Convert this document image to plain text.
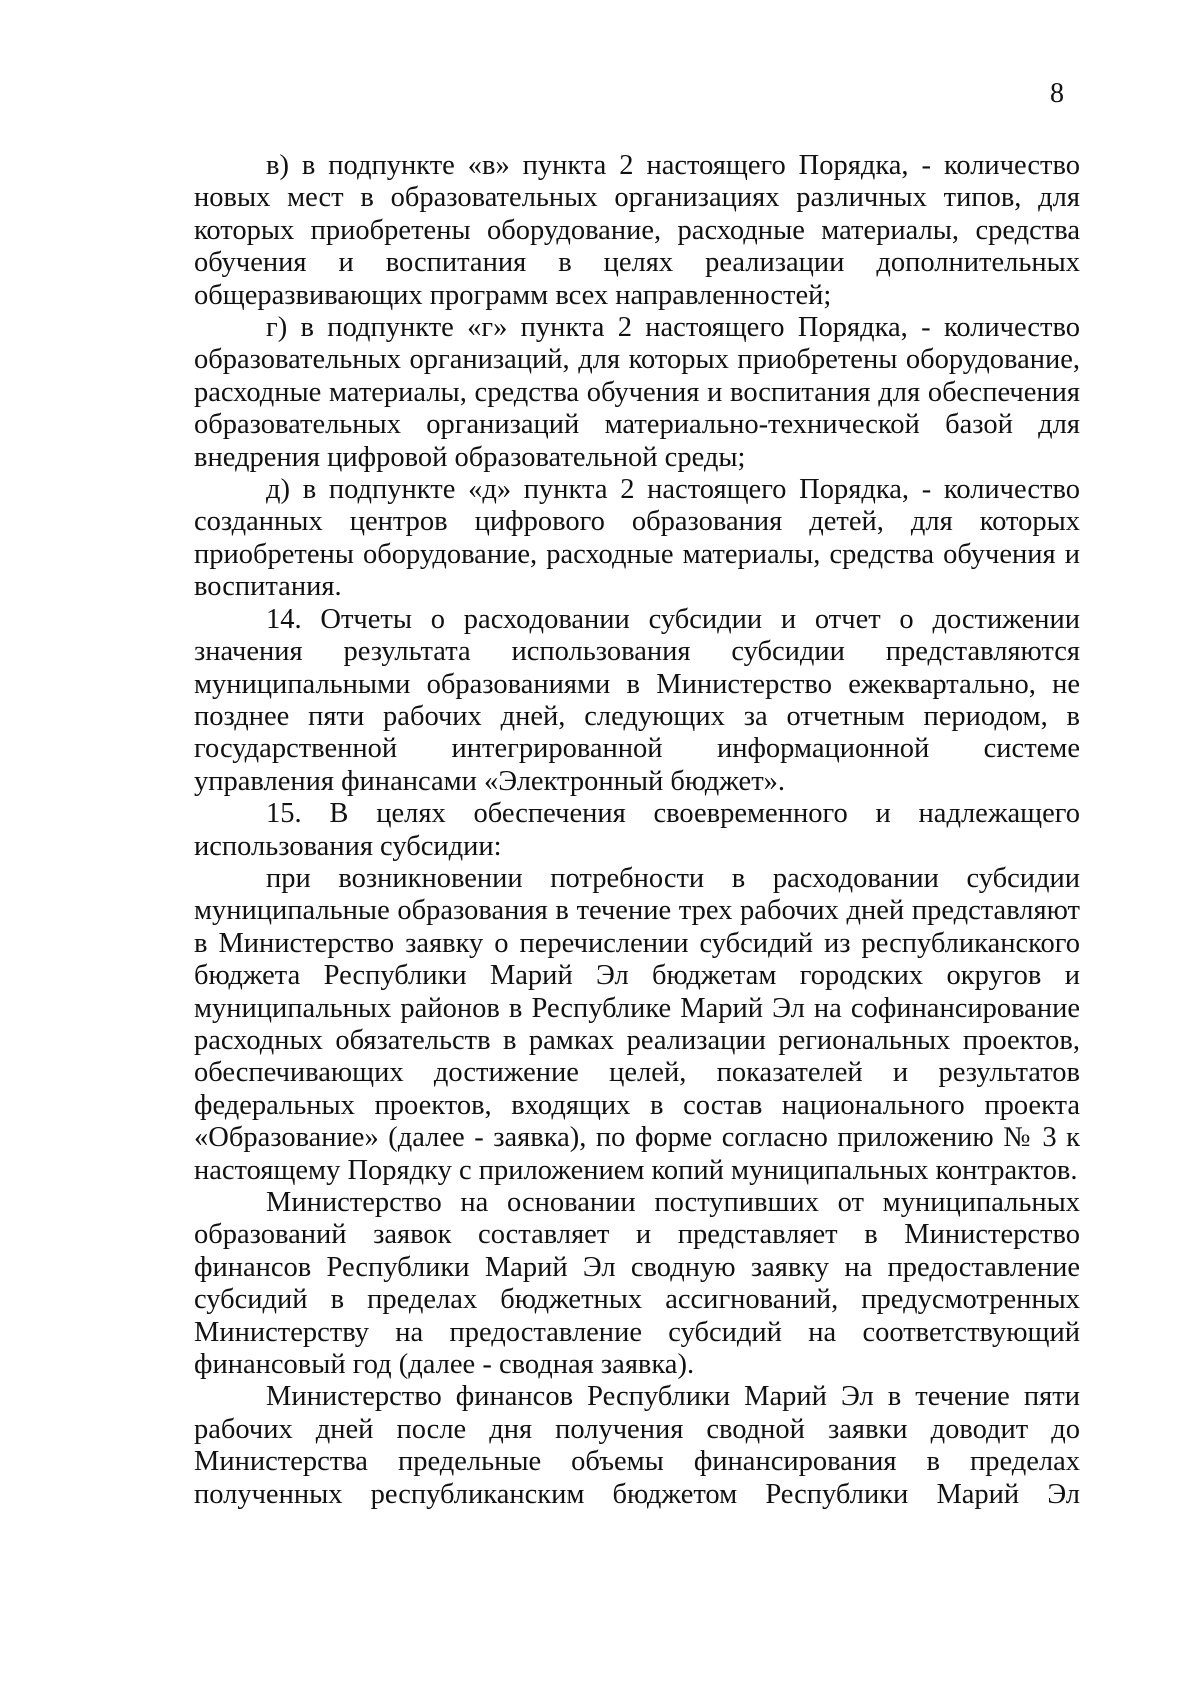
8

в) в подпункте «в» пункта 2 настоящего Порядка, - количество новых мест в образовательных организациях различных типов, для которых приобретены оборудование, расходные материалы, средства обучения и воспитания в целях реализации дополнительных общеразвивающих программ всех направленностей;

г) в подпункте «г» пункта 2 настоящего Порядка, - количество образовательных организаций, для которых приобретены оборудование, расходные материалы, средства обучения и воспитания для обеспечения образовательных организаций материально-технической базой для внедрения цифровой образовательной среды;

д) в подпункте «д» пункта 2 настоящего Порядка, - количество созданных центров цифрового образования детей, для которых приобретены оборудование, расходные материалы, средства обучения и воспитания.

14. Отчеты о расходовании субсидии и отчет о достижении значения результата использования субсидии представляются муниципальными образованиями в Министерство ежеквартально, не позднее пяти рабочих дней, следующих за отчетным периодом, в государственной интегрированной информационной системе управления финансами «Электронный бюджет».

15. В целях обеспечения своевременного и надлежащего использования субсидии:

при возникновении потребности в расходовании субсидии муниципальные образования в течение трех рабочих дней представляют в Министерство заявку о перечислении субсидий из республиканского бюджета Республики Марий Эл бюджетам городских округов и муниципальных районов в Республике Марий Эл на софинансирование расходных обязательств в рамках реализации региональных проектов, обеспечивающих достижение целей, показателей и результатов федеральных проектов, входящих в состав национального проекта «Образование» (далее - заявка), по форме согласно приложению № 3 к настоящему Порядку с приложением копий муниципальных контрактов.

Министерство на основании поступивших от муниципальных образований заявок составляет и представляет в Министерство финансов Республики Марий Эл сводную заявку на предоставление субсидий в пределах бюджетных ассигнований, предусмотренных Министерству на предоставление субсидий на соответствующий финансовый год (далее - сводная заявка).

Министерство финансов Республики Марий Эл в течение пяти рабочих дней после дня получения сводной заявки доводит до Министерства предельные объемы финансирования в пределах полученных республиканским бюджетом Республики Марий Эл
